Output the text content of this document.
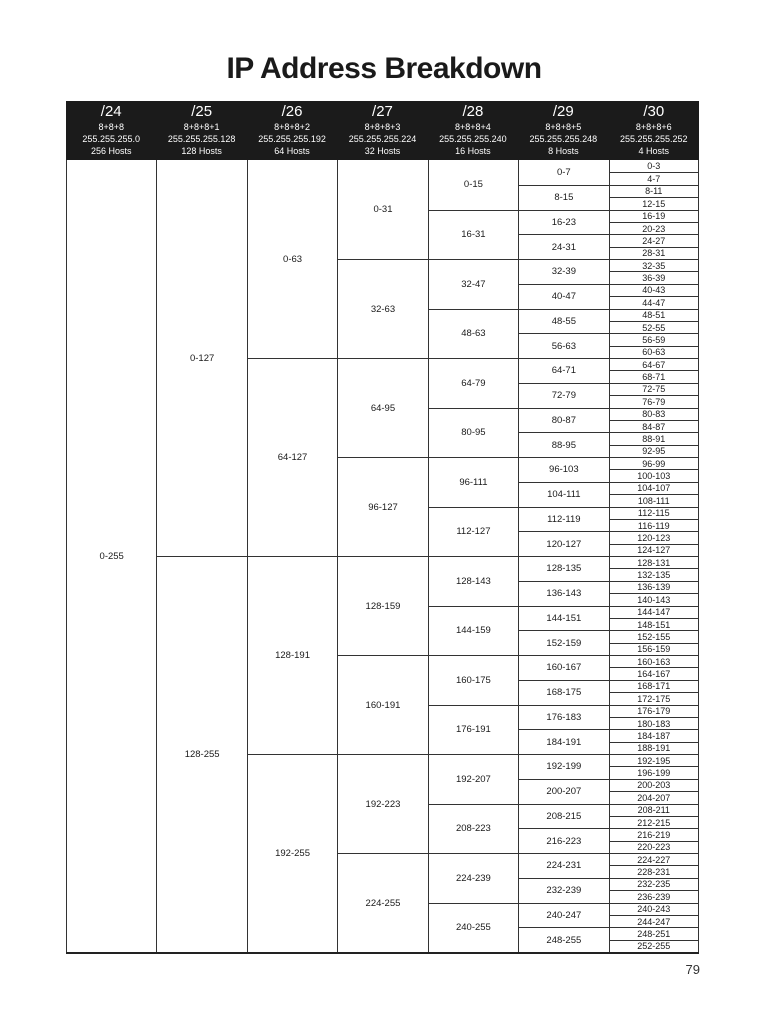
IP Address Breakdown
/24
8+8+8
255.255.255.0
256 Hosts
/25
8+8+8+1
255.255.255.128
128 Hosts
/26
8+8+8+2
255.255.255.192
64 Hosts
/27
8+8+8+3
255.255.255.224
32 Hosts
/28
8+8+8+4
255.255.255.240
16 Hosts
/29
8+8+8+5
255.255.255.248
8 Hosts
/30
8+8+8+6
255.255.255.252
4 Hosts
0-255
0-127
128-255
0-63
64-127
128-191
192-255
0-31
32-63
64-95
96-127
128-159
160-191
192-223
224-255
0-15
16-31
32-47
48-63
64-79
80-95
96-111
112-127
128-143
144-159
160-175
176-191
192-207
208-223
224-239
240-255
0-7
8-15
16-23
24-31
32-39
40-47
48-55
56-63
64-71
72-79
80-87
88-95
96-103
104-111
112-119
120-127
128-135
136-143
144-151
152-159
160-167
168-175
176-183
184-191
192-199
200-207
208-215
216-223
224-231
232-239
240-247
248-255
0-3
4-7
8-11
12-15
16-19
20-23
24-27
28-31
32-35
36-39
40-43
44-47
48-51
52-55
56-59
60-63
64-67
68-71
72-75
76-79
80-83
84-87
88-91
92-95
96-99
100-103
104-107
108-111
112-115
116-119
120-123
124-127
128-131
132-135
136-139
140-143
144-147
148-151
152-155
156-159
160-163
164-167
168-171
172-175
176-179
180-183
184-187
188-191
192-195
196-199
200-203
204-207
208-211
212-215
216-219
220-223
224-227
228-231
232-235
236-239
240-243
244-247
248-251
252-255
79
